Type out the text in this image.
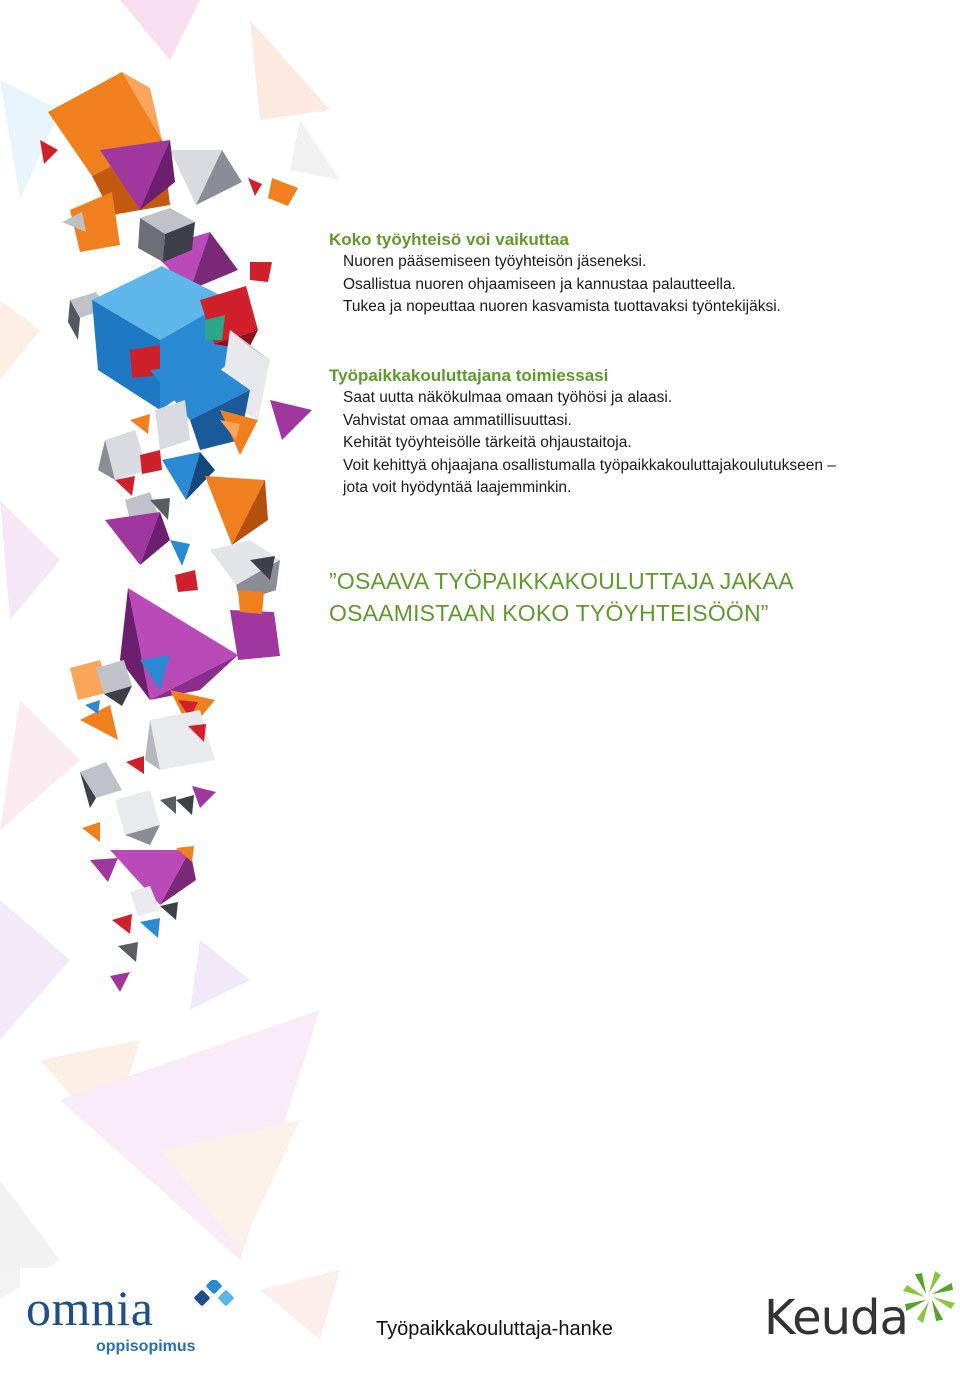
Koko työyhteisö voi vaikuttaa

Nuoren pääsemiseen työyhteisön jäseneksi.
Osallistua nuoren ohjaamiseen ja kannustaa palautteella.
Tukea ja nopeuttaa nuoren kasvamista tuottavaksi työntekijäksi.

Työpaikkakouluttajana toimiessasi

Saat uutta näkökulmaa omaan työhösi ja alaasi.
Vahvistat omaa ammatillisuuttasi.
Kehität työyhteisölle tärkeitä ohjaustaitoja.
Voit kehittyä ohjaajana osallistumalla työpaikkakouluttajakoulutukseen –
jota voit hyödyntää laajemminkin.
”OSAAVA TYÖPAIKKAKOULUTTAJA JAKAA
OSAAMISTAAN KOKO TYÖYHTEISÖÖN”
omnia
oppisopimus
Työpaikkakouluttaja-hanke	Keuda
